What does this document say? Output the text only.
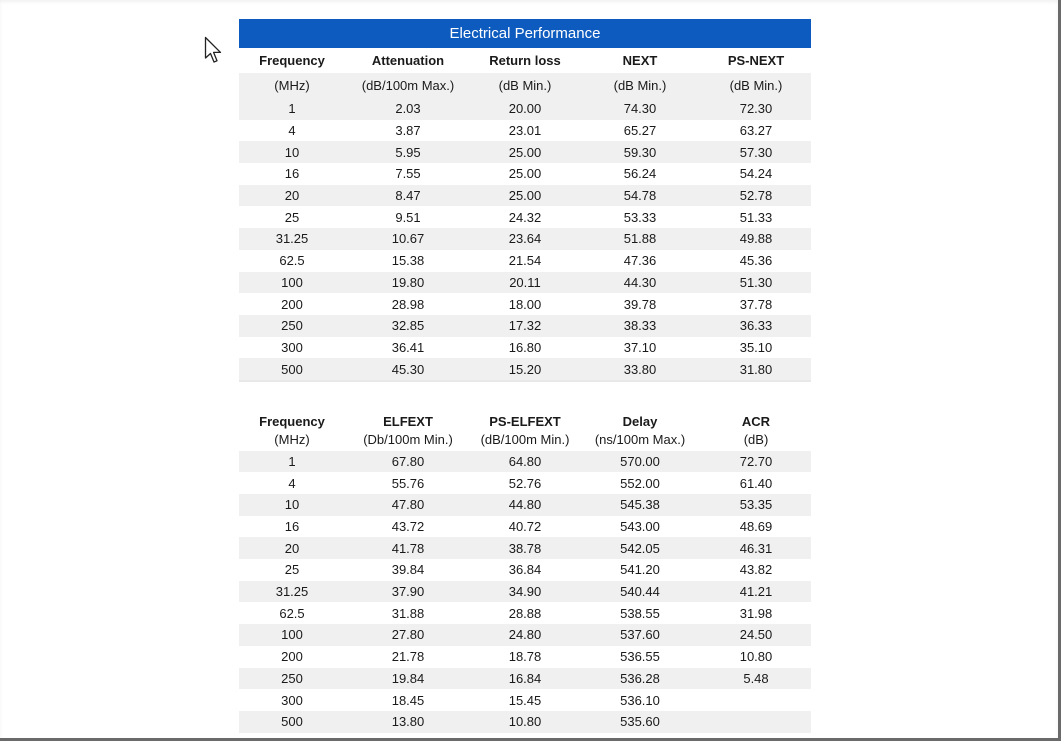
Electrical Performance
Frequency	Attenuation	Return loss	NEXT	PS-NEXT
(MHz)	(dB/100m Max.)	(dB Min.)	(dB Min.)	(dB Min.)
1	2.03	20.00	74.30	72.30
4	3.87	23.01	65.27	63.27
10	5.95	25.00	59.30	57.30
16	7.55	25.00	56.24	54.24
20	8.47	25.00	54.78	52.78
25	9.51	24.32	53.33	51.33
31.25	10.67	23.64	51.88	49.88
62.5	15.38	21.54	47.36	45.36
100	19.80	20.11	44.30	51.30
200	28.98	18.00	39.78	37.78
250	32.85	17.32	38.33	36.33
300	36.41	16.80	37.10	35.10
500	45.30	15.20	33.80	31.80

Frequency	ELFEXT	PS-ELFEXT	Delay	ACR
(MHz)	(Db/100m Min.)	(dB/100m Min.)	(ns/100m Max.)	(dB)
1	67.80	64.80	570.00	72.70
4	55.76	52.76	552.00	61.40
10	47.80	44.80	545.38	53.35
16	43.72	40.72	543.00	48.69
20	41.78	38.78	542.05	46.31
25	39.84	36.84	541.20	43.82
31.25	37.90	34.90	540.44	41.21
62.5	31.88	28.88	538.55	31.98
100	27.80	24.80	537.60	24.50
200	21.78	18.78	536.55	10.80
250	19.84	16.84	536.28	5.48
300	18.45	15.45	536.10	
500	13.80	10.80	535.60	
